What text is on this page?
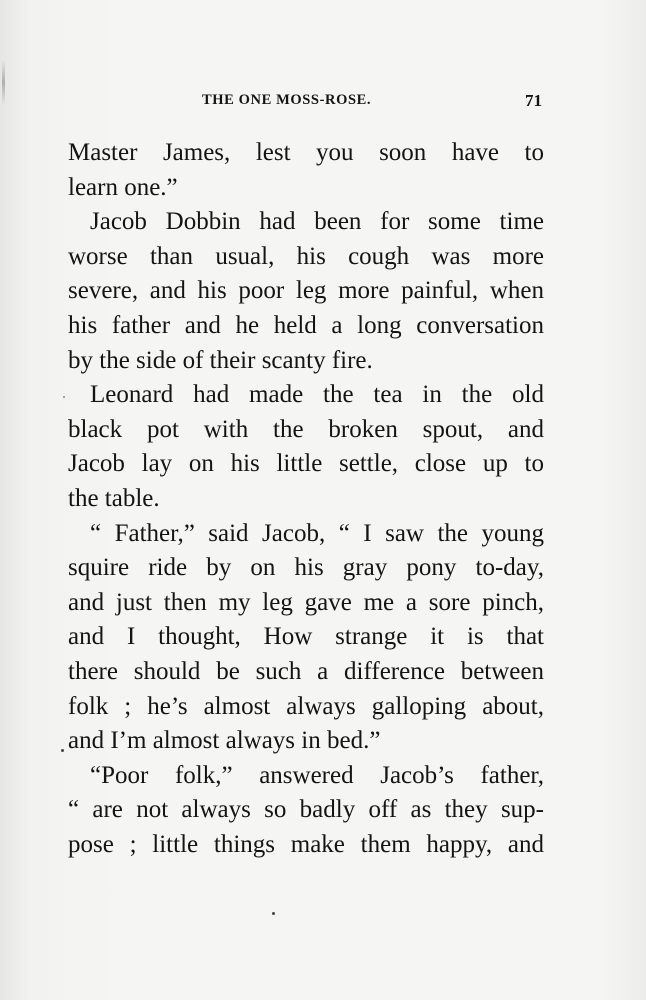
THE ONE MOSS-ROSE.	71
Master James, lest you soon have to
learn one.”
Jacob Dobbin had been for some time
worse than usual, his cough was more
severe, and his poor leg more painful, when
his father and he held a long conversation
by the side of their scanty fire.
Leonard had made the tea in the old
black pot with the broken spout, and
Jacob lay on his little settle, close up to
the table.
“ Father,” said Jacob, “ I saw the young
squire ride by on his gray pony to-day,
and just then my leg gave me a sore pinch,
and I thought, How strange it is that
there should be such a difference between
folk ; he’s almost always galloping about,
and I’m almost always in bed.”
“Poor folk,” answered Jacob’s father,
“ are not always so badly off as they sup-
pose ; little things make them happy, and
